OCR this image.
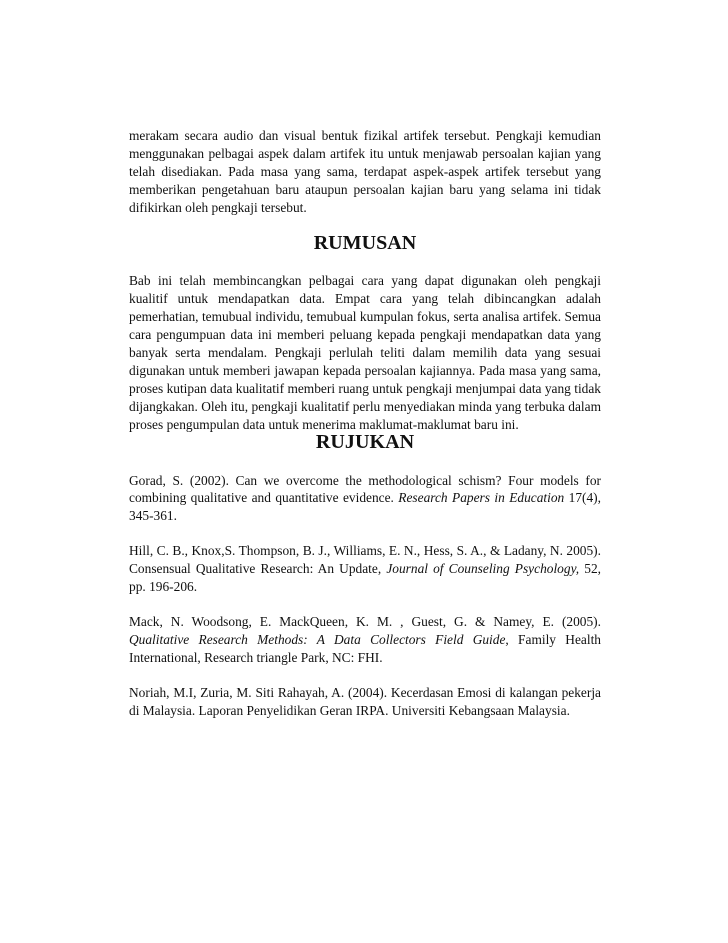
merakam secara audio dan visual bentuk fizikal artifek tersebut. Pengkaji kemudian menggunakan pelbagai aspek dalam artifek itu untuk menjawab persoalan kajian yang telah disediakan. Pada masa yang sama, terdapat aspek-aspek artifek tersebut yang memberikan pengetahuan baru ataupun persoalan kajian baru yang selama ini tidak difikirkan oleh pengkaji tersebut.

RUMUSAN

Bab ini telah membincangkan pelbagai cara yang dapat digunakan oleh pengkaji kualitif untuk mendapatkan data. Empat cara yang telah dibincangkan adalah pemerhatian, temubual individu, temubual kumpulan fokus, serta analisa artifek. Semua cara pengumpuan data ini memberi peluang kepada pengkaji mendapatkan data yang banyak serta mendalam. Pengkaji perlulah teliti dalam memilih data yang sesuai digunakan untuk memberi jawapan kepada persoalan kajiannya. Pada masa yang sama, proses kutipan data kualitatif memberi ruang untuk pengkaji menjumpai data yang tidak dijangkakan. Oleh itu, pengkaji kualitatif perlu menyediakan minda yang terbuka dalam proses pengumpulan data untuk menerima maklumat-maklumat baru ini.

RUJUKAN

Gorad, S. (2002). Can we overcome the methodological schism? Four models for combining qualitative and quantitative evidence. Research Papers in Education 17(4), 345-361.

Hill, C. B., Knox,S. Thompson, B. J., Williams, E. N., Hess, S. A., & Ladany, N. 2005). Consensual Qualitative Research: An Update, Journal of Counseling Psychology, 52, pp. 196-206.

Mack, N. Woodsong, E. MackQueen, K. M. , Guest, G. & Namey, E. (2005). Qualitative Research Methods: A Data Collectors Field Guide, Family Health International, Research triangle Park, NC: FHI.

Noriah, M.I, Zuria, M. Siti Rahayah, A. (2004). Kecerdasan Emosi di kalangan pekerja di Malaysia. Laporan Penyelidikan Geran IRPA. Universiti Kebangsaan Malaysia.
